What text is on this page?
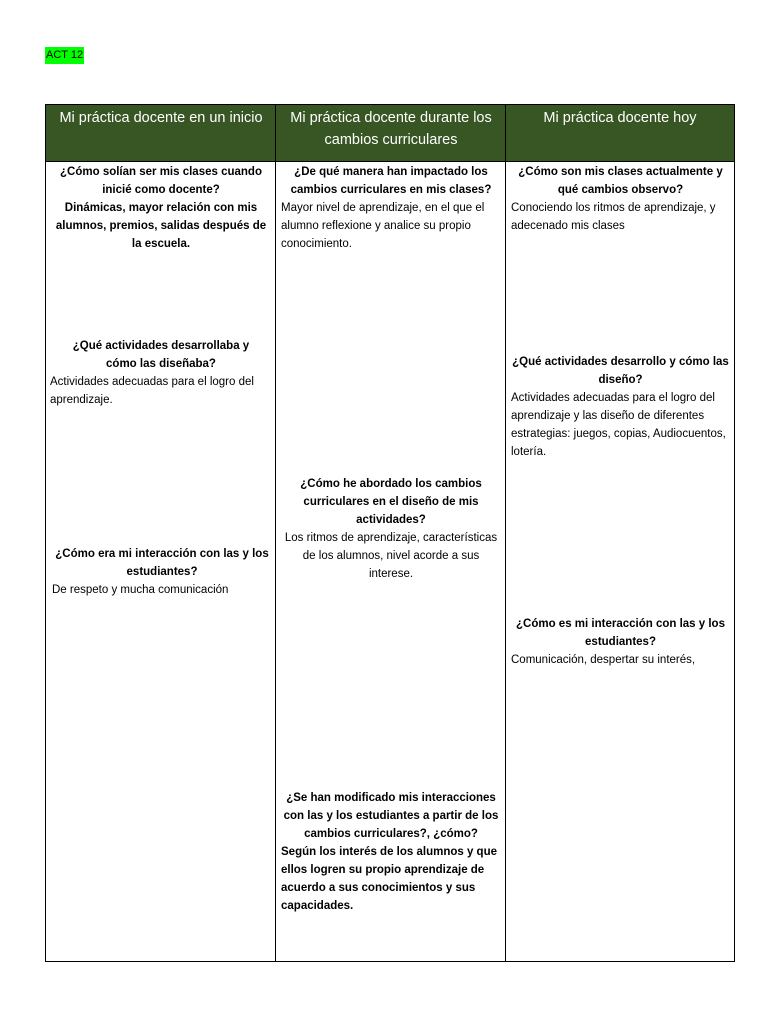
ACT 12
Mi práctica docente en un inicio	Mi práctica docente durante los cambios curriculares
Mi práctica docente hoy
¿Cómo solían ser mis clases cuando inicié como docente?
Dinámicas, mayor relación con mis alumnos, premios, salidas después de la escuela.
¿Qué actividades desarrollaba y cómo las diseñaba?
Actividades adecuadas para el logro del aprendizaje.
¿Cómo era mi interacción con las y los estudiantes?
De respeto y mucha comunicación
¿De qué manera han impactado los cambios curriculares en mis clases?
Mayor nivel de aprendizaje, en el que el alumno reflexione y analice su propio conocimiento.
¿Cómo he abordado los cambios curriculares en el diseño de mis actividades?
Los ritmos de aprendizaje, características de los alumnos, nivel acorde a sus interese.
¿Se han modificado mis interacciones con las y los estudiantes a partir de los cambios curriculares?, ¿cómo?
Según los interés de los alumnos y que ellos logren su propio aprendizaje de acuerdo a sus conocimientos y sus capacidades.
¿Cómo son mis clases actualmente y qué cambios observo?
Conociendo los ritmos de aprendizaje, y adecenado mis clases
¿Qué actividades desarrollo y cómo las diseño?
Actividades adecuadas para el logro del aprendizaje y las diseño de diferentes estrategias: juegos, copias, Audiocuentos, lotería.
¿Cómo es mi interacción con las y los estudiantes?
Comunicación, despertar su interés,
